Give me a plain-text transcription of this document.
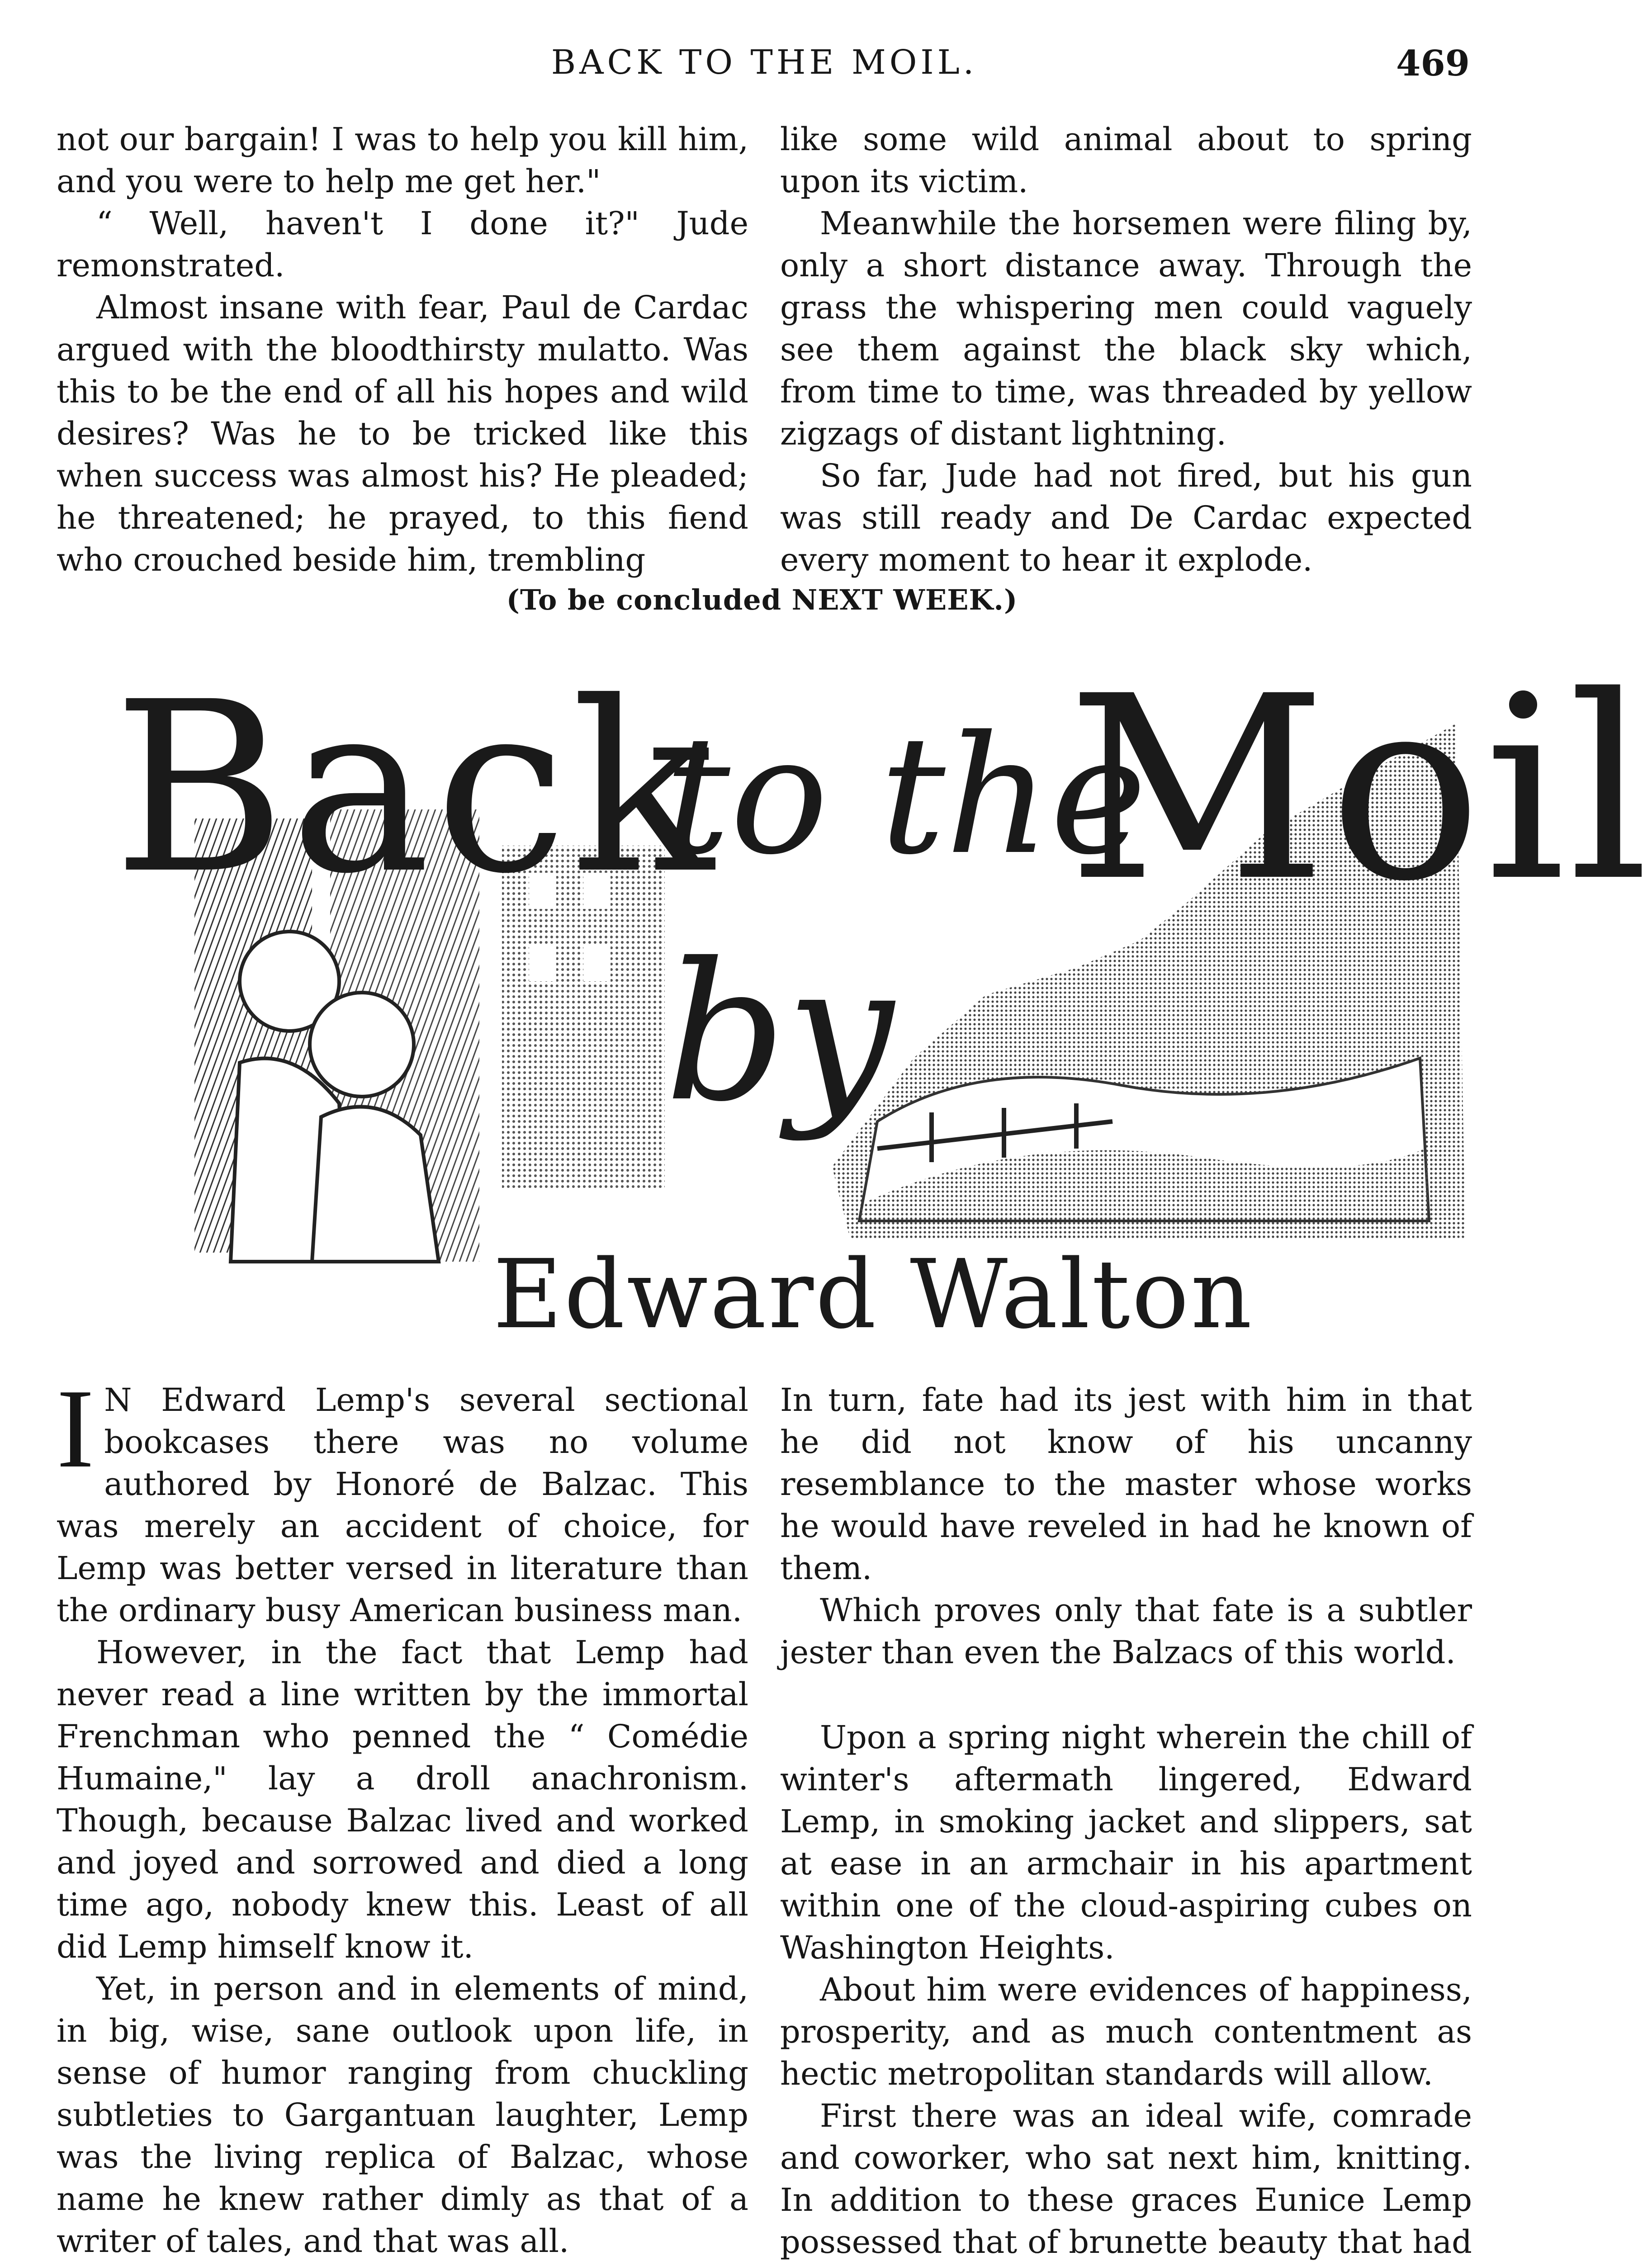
BACK TO THE MOIL.	469

not our bargain! I was to help you kill him, and you were to help me get her."

“ Well, haven't I done it?" Jude remonstrated.

Almost insane with fear, Paul de Cardac argued with the bloodthirsty mulatto. Was this to be the end of all his hopes and wild desires? Was he to be tricked like this when success was almost his? He pleaded; he threatened; he prayed, to this fiend who crouched beside him, trembling

like some wild animal about to spring upon its victim.

Meanwhile the horsemen were filing by, only a short distance away. Through the grass the whispering men could vaguely see them against the black sky which, from time to time, was threaded by yellow zigzags of distant lightning.

So far, Jude had not fired, but his gun was still ready and De Cardac expected every moment to hear it explode.

(To be concluded NEXT WEEK.)
Back
to the
Moil
by
Edward Walton

I N Edward Lemp's several sectional bookcases there was no volume authored by Honoré de Balzac. This was merely an accident of choice, for Lemp was better versed in literature than the ordinary busy American business man.

However, in the fact that Lemp had never read a line written by the immortal Frenchman who penned the “ Comédie Humaine," lay a droll anachronism. Though, because Balzac lived and worked and joyed and sorrowed and died a long time ago, nobody knew this. Least of all did Lemp himself know it.

Yet, in person and in elements of mind, in big, wise, sane outlook upon life, in sense of humor ranging from chuckling subtleties to Gargantuan laughter, Lemp was the living replica of Balzac, whose name he knew rather dimly as that of a writer of tales, and that was all.

In turn, fate had its jest with him in that he did not know of his uncanny resemblance to the master whose works he would have reveled in had he known of them.

Which proves only that fate is a subtler jester than even the Balzacs of this world.

Upon a spring night wherein the chill of winter's aftermath lingered, Edward Lemp, in smoking jacket and slippers, sat at ease in an armchair in his apartment within one of the cloud-aspiring cubes on Washington Heights.

About him were evidences of happiness, prosperity, and as much contentment as hectic metropolitan standards will allow.

First there was an ideal wife, comrade and coworker, who sat next him, knitting. In addition to these graces Eunice Lemp possessed that of brunette beauty that had
